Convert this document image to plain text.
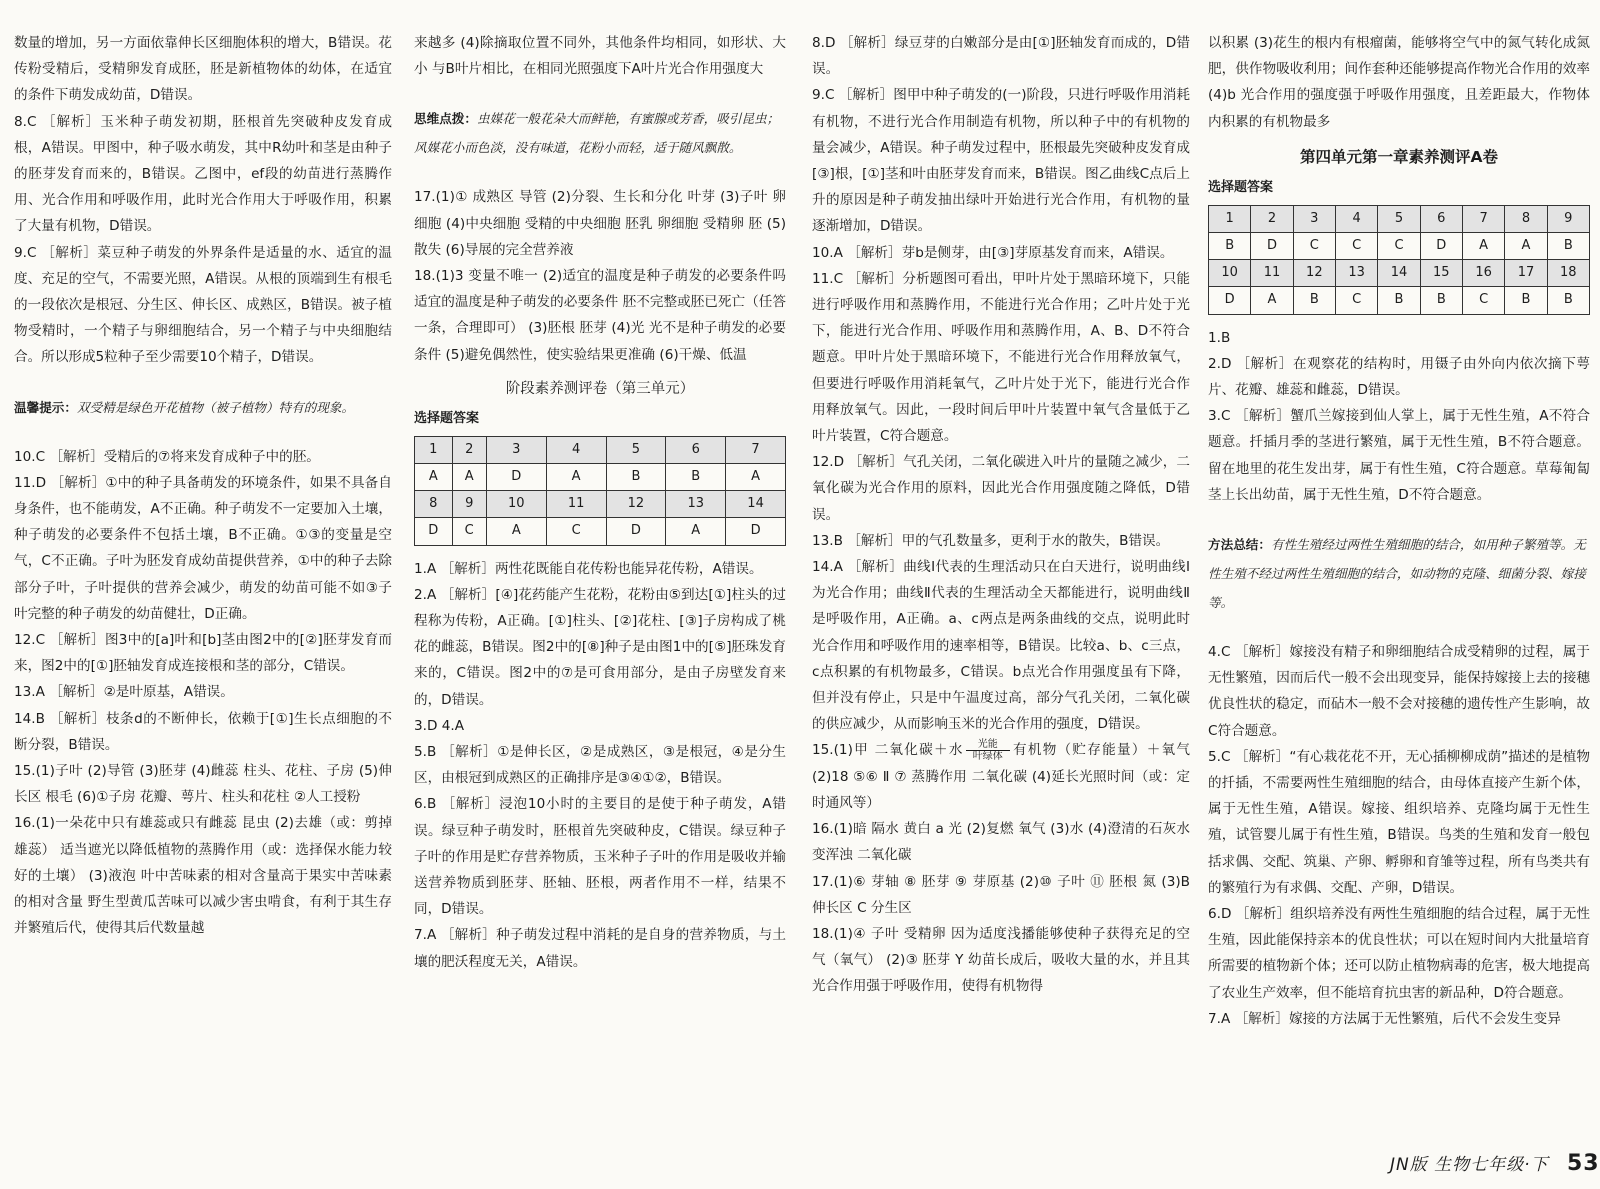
数量的增加，另一方面依靠伸长区细胞体积的增大，B错误。花传粉受精后，受精卵发育成胚，胚是新植物体的幼体，在适宜的条件下萌发成幼苗，D错误。

8.C ［解析］玉米种子萌发初期，胚根首先突破种皮发育成根，A错误。甲图中，种子吸水萌发，其中R幼叶和茎是由种子的胚芽发育而来的，B错误。乙图中，ef段的幼苗进行蒸腾作用、光合作用和呼吸作用，此时光合作用大于呼吸作用，积累了大量有机物，D错误。

9.C ［解析］菜豆种子萌发的外界条件是适量的水、适宜的温度、充足的空气，不需要光照，A错误。从根的顶端到生有根毛的一段依次是根冠、分生区、伸长区、成熟区，B错误。被子植物受精时，一个精子与卵细胞结合，另一个精子与中央细胞结合。所以形成5粒种子至少需要10个精子，D错误。

温馨提示：双受精是绿色开花植物（被子植物）特有的现象。

10.C ［解析］受精后的⑦将来发育成种子中的胚。

11.D ［解析］①中的种子具备萌发的环境条件，如果不具备自身条件，也不能萌发，A不正确。种子萌发不一定要加入土壤，种子萌发的必要条件不包括土壤，B不正确。①③的变量是空气，C不正确。子叶为胚发育成幼苗提供营养，①中的种子去除部分子叶，子叶提供的营养会减少，萌发的幼苗可能不如③子叶完整的种子萌发的幼苗健壮，D正确。

12.C ［解析］图3中的[a]叶和[b]茎由图2中的[②]胚芽发育而来，图2中的[①]胚轴发育成连接根和茎的部分，C错误。

13.A ［解析］②是叶原基，A错误。

14.B ［解析］枝条d的不断伸长，依赖于[①]生长点细胞的不断分裂，B错误。

15.(1)子叶 (2)导管 (3)胚芽 (4)雌蕊 柱头、花柱、子房 (5)伸长区 根毛 (6)①子房 花瓣、萼片、柱头和花柱 ②人工授粉

16.(1)一朵花中只有雄蕊或只有雌蕊 昆虫 (2)去雄（或：剪掉雄蕊） 适当遮光以降低植物的蒸腾作用（或：选择保水能力较好的土壤） (3)液泡 叶中苦味素的相对含量高于果实中苦味素的相对含量 野生型黄瓜苦味可以减少害虫啃食，有利于其生存并繁殖后代，使得其后代数量越

来越多 (4)除摘取位置不同外，其他条件均相同，如形状、大小 与B叶片相比，在相同光照强度下A叶片光合作用强度大

思维点拨：虫媒花一般花朵大而鲜艳，有蜜腺或芳香，吸引昆虫；风媒花小而色淡，没有味道，花粉小而轻，适于随风飘散。

17.(1)① 成熟区 导管 (2)分裂、生长和分化 叶芽 (3)子叶 卵细胞 (4)中央细胞 受精的中央细胞 胚乳 卵细胞 受精卵 胚 (5)散失 (6)导展的完全营养液

18.(1)3 变量不唯一 (2)适宜的温度是种子萌发的必要条件吗 适宜的温度是种子萌发的必要条件 胚不完整或胚已死亡（任答一条，合理即可） (3)胚根 胚芽 (4)光 光不是种子萌发的必要条件 (5)避免偶然性，使实验结果更准确 (6)干燥、低温

阶段素养测评卷（第三单元）
选择题答案
1	2	3	4	5	6	7
A	A	D	A	B	B	A
8	9	10	11	12	13	14
D	C	A	C	D	A	D

1.A ［解析］两性花既能自花传粉也能异花传粉，A错误。

2.A ［解析］[④]花药能产生花粉，花粉由⑤到达[①]柱头的过程称为传粉，A正确。[①]柱头、[②]花柱、[③]子房构成了桃花的雌蕊，B错误。图2中的[⑧]种子是由图1中的[⑤]胚珠发育来的，C错误。图2中的⑦是可食用部分，是由子房壁发育来的，D错误。

3.D 4.A

5.B ［解析］①是伸长区，②是成熟区，③是根冠，④是分生区，由根冠到成熟区的正确排序是③④①②，B错误。

6.B ［解析］浸泡10小时的主要目的是使于种子萌发，A错误。绿豆种子萌发时，胚根首先突破种皮，C错误。绿豆种子子叶的作用是贮存营养物质，玉米种子子叶的作用是吸收并输送营养物质到胚芽、胚轴、胚根，两者作用不一样，结果不同，D错误。

7.A ［解析］种子萌发过程中消耗的是自身的营养物质，与土壤的肥沃程度无关，A错误。

8.D ［解析］绿豆芽的白嫩部分是由[①]胚轴发育而成的，D错误。

9.C ［解析］图甲中种子萌发的(一)阶段，只进行呼吸作用消耗有机物，不进行光合作用制造有机物，所以种子中的有机物的量会减少，A错误。种子萌发过程中，胚根最先突破种皮发育成[③]根，[①]茎和叶由胚芽发育而来，B错误。图乙曲线C点后上升的原因是种子萌发抽出绿叶开始进行光合作用，有机物的量逐渐增加，D错误。

10.A ［解析］芽b是侧芽，由[③]芽原基发育而来，A错误。

11.C ［解析］分析题图可看出，甲叶片处于黑暗环境下，只能进行呼吸作用和蒸腾作用，不能进行光合作用；乙叶片处于光下，能进行光合作用、呼吸作用和蒸腾作用，A、B、D不符合题意。甲叶片处于黑暗环境下，不能进行光合作用释放氧气，但要进行呼吸作用消耗氧气，乙叶片处于光下，能进行光合作用释放氧气。因此，一段时间后甲叶片装置中氧气含量低于乙叶片装置，C符合题意。

12.D ［解析］气孔关闭，二氧化碳进入叶片的量随之减少，二氧化碳为光合作用的原料，因此光合作用强度随之降低，D错误。

13.B ［解析］甲的气孔数量多，更利于水的散失，B错误。

14.A ［解析］曲线Ⅰ代表的生理活动只在白天进行，说明曲线Ⅰ为光合作用；曲线Ⅱ代表的生理活动全天都能进行，说明曲线Ⅱ是呼吸作用，A正确。a、c两点是两条曲线的交点，说明此时光合作用和呼吸作用的速率相等，B错误。比较a、b、c三点，c点积累的有机物最多，C错误。b点光合作用强度虽有下降，但并没有停止，只是中午温度过高，部分气孔关闭，二氧化碳的供应减少，从而影响玉米的光合作用的强度，D错误。

15.(1)甲 二氧化碳＋水 光能
叶绿体 有机物（贮存能量）＋氧气 (2)18 ⑤⑥ Ⅱ ⑦ 蒸腾作用 二氧化碳 (4)延长光照时间（或：定时通风等）

16.(1)暗 隔水 黄白 a 光 (2)复燃 氧气 (3)水 (4)澄清的石灰水变浑浊 二氧化碳

17.(1)⑥ 芽轴 ⑧ 胚芽 ⑨ 芽原基 (2)⑩ 子叶 ⑪ 胚根 氮 (3)B 伸长区 C 分生区

18.(1)④ 子叶 受精卵 因为适度浅播能够使种子获得充足的空气（氧气） (2)③ 胚芽 Y 幼苗长成后，吸收大量的水，并且其光合作用强于呼吸作用，使得有机物得

以积累 (3)花生的根内有根瘤菌，能够将空气中的氮气转化成氮肥，供作物吸收利用；间作套种还能够提高作物光合作用的效率 (4)b 光合作用的强度强于呼吸作用强度，且差距最大，作物体内积累的有机物最多

第四单元第一章素养测评A卷
选择题答案
1	2	3	4	5	6	7	8	9
B	D	C	C	C	D	A	A	B
10	11	12	13	14	15	16	17	18
D	A	B	C	B	B	C	B	B

1.B

2.D ［解析］在观察花的结构时，用镊子由外向内依次摘下萼片、花瓣、雄蕊和雌蕊，D错误。

3.C ［解析］蟹爪兰嫁接到仙人掌上，属于无性生殖，A不符合题意。扦插月季的茎进行繁殖，属于无性生殖，B不符合题意。留在地里的花生发出芽，属于有性生殖，C符合题意。草莓匍匐茎上长出幼苗，属于无性生殖，D不符合题意。

方法总结：有性生殖经过两性生殖细胞的结合，如用种子繁殖等。无性生殖不经过两性生殖细胞的结合，如动物的克隆、细菌分裂、嫁接等。

4.C ［解析］嫁接没有精子和卵细胞结合成受精卵的过程，属于无性繁殖，因而后代一般不会出现变异，能保持嫁接上去的接穗优良性状的稳定，而砧木一般不会对接穗的遗传性产生影响，故C符合题意。

5.C ［解析］“有心栽花花不开，无心插柳柳成荫”描述的是植物的扦插，不需要两性生殖细胞的结合，由母体直接产生新个体，属于无性生殖，A错误。嫁接、组织培养、克隆均属于无性生殖，试管婴儿属于有性生殖，B错误。鸟类的生殖和发育一般包括求偶、交配、筑巢、产卵、孵卵和育雏等过程，所有鸟类共有的繁殖行为有求偶、交配、产卵，D错误。

6.D ［解析］组织培养没有两性生殖细胞的结合过程，属于无性生殖，因此能保持亲本的优良性状；可以在短时间内大批量培育所需要的植物新个体；还可以防止植物病毒的危害，极大地提高了农业生产效率，但不能培育抗虫害的新品种，D符合题意。

7.A ［解析］嫁接的方法属于无性繁殖，后代不会发生变异

JN版 生物七年级·下 53
